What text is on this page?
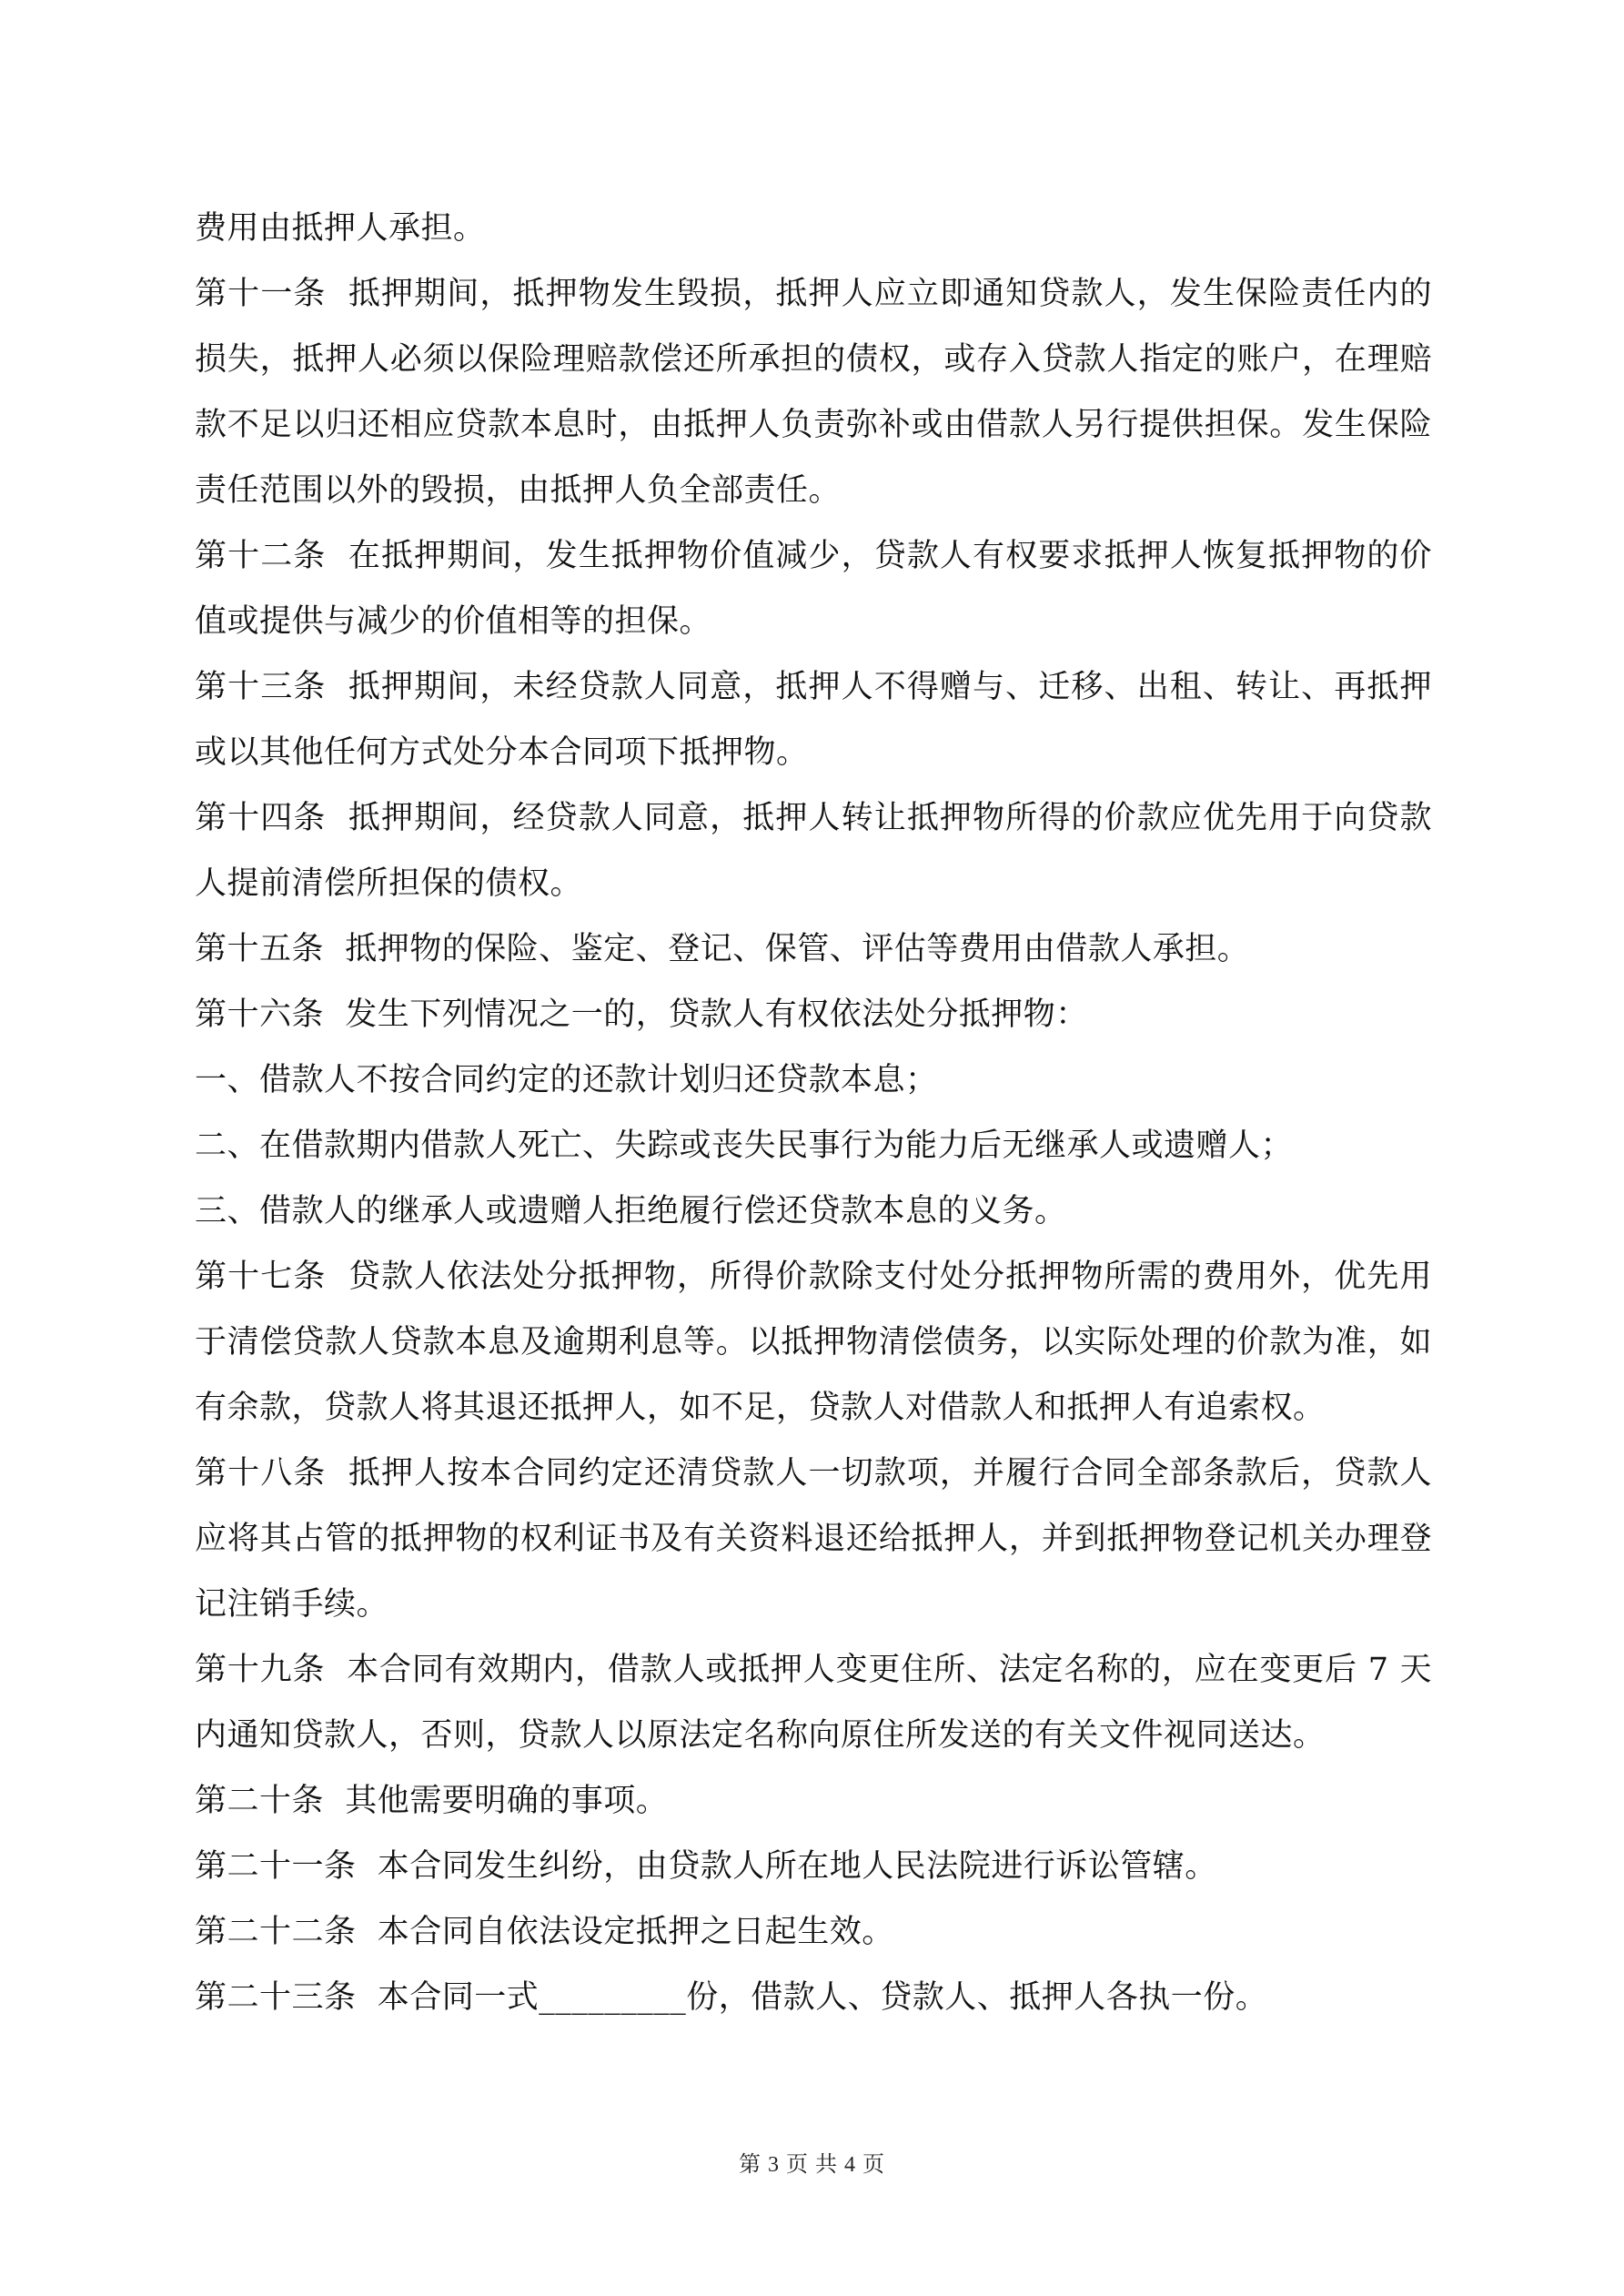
费用由抵押人承担。

第十一条  抵押期间，抵押物发生毁损，抵押人应立即通知贷款人，发生保险责任内的损失，抵押人必须以保险理赔款偿还所承担的债权，或存入贷款人指定的账户，在理赔款不足以归还相应贷款本息时，由抵押人负责弥补或由借款人另行提供担保。发生保险责任范围以外的毁损，由抵押人负全部责任。

第十二条  在抵押期间，发生抵押物价值减少，贷款人有权要求抵押人恢复抵押物的价值或提供与减少的价值相等的担保。

第十三条  抵押期间，未经贷款人同意，抵押人不得赠与、迁移、出租、转让、再抵押或以其他任何方式处分本合同项下抵押物。

第十四条  抵押期间，经贷款人同意，抵押人转让抵押物所得的价款应优先用于向贷款人提前清偿所担保的债权。

第十五条  抵押物的保险、鉴定、登记、保管、评估等费用由借款人承担。

第十六条  发生下列情况之一的，贷款人有权依法处分抵押物：

一、借款人不按合同约定的还款计划归还贷款本息；

二、在借款期内借款人死亡、失踪或丧失民事行为能力后无继承人或遗赠人；

三、借款人的继承人或遗赠人拒绝履行偿还贷款本息的义务。

第十七条  贷款人依法处分抵押物，所得价款除支付处分抵押物所需的费用外，优先用于清偿贷款人贷款本息及逾期利息等。以抵押物清偿债务，以实际处理的价款为准，如有余款，贷款人将其退还抵押人，如不足，贷款人对借款人和抵押人有追索权。

第十八条  抵押人按本合同约定还清贷款人一切款项，并履行合同全部条款后，贷款人应将其占管的抵押物的权利证书及有关资料退还给抵押人，并到抵押物登记机关办理登记注销手续。

第十九条  本合同有效期内，借款人或抵押人变更住所、法定名称的，应在变更后 7 天内通知贷款人，否则，贷款人以原法定名称向原住所发送的有关文件视同送达。

第二十条  其他需要明确的事项。

第二十一条  本合同发生纠纷，由贷款人所在地人民法院进行诉讼管辖。

第二十二条  本合同自依法设定抵押之日起生效。

第二十三条  本合同一式_________份，借款人、贷款人、抵押人各执一份。

第 3 页 共 4 页
